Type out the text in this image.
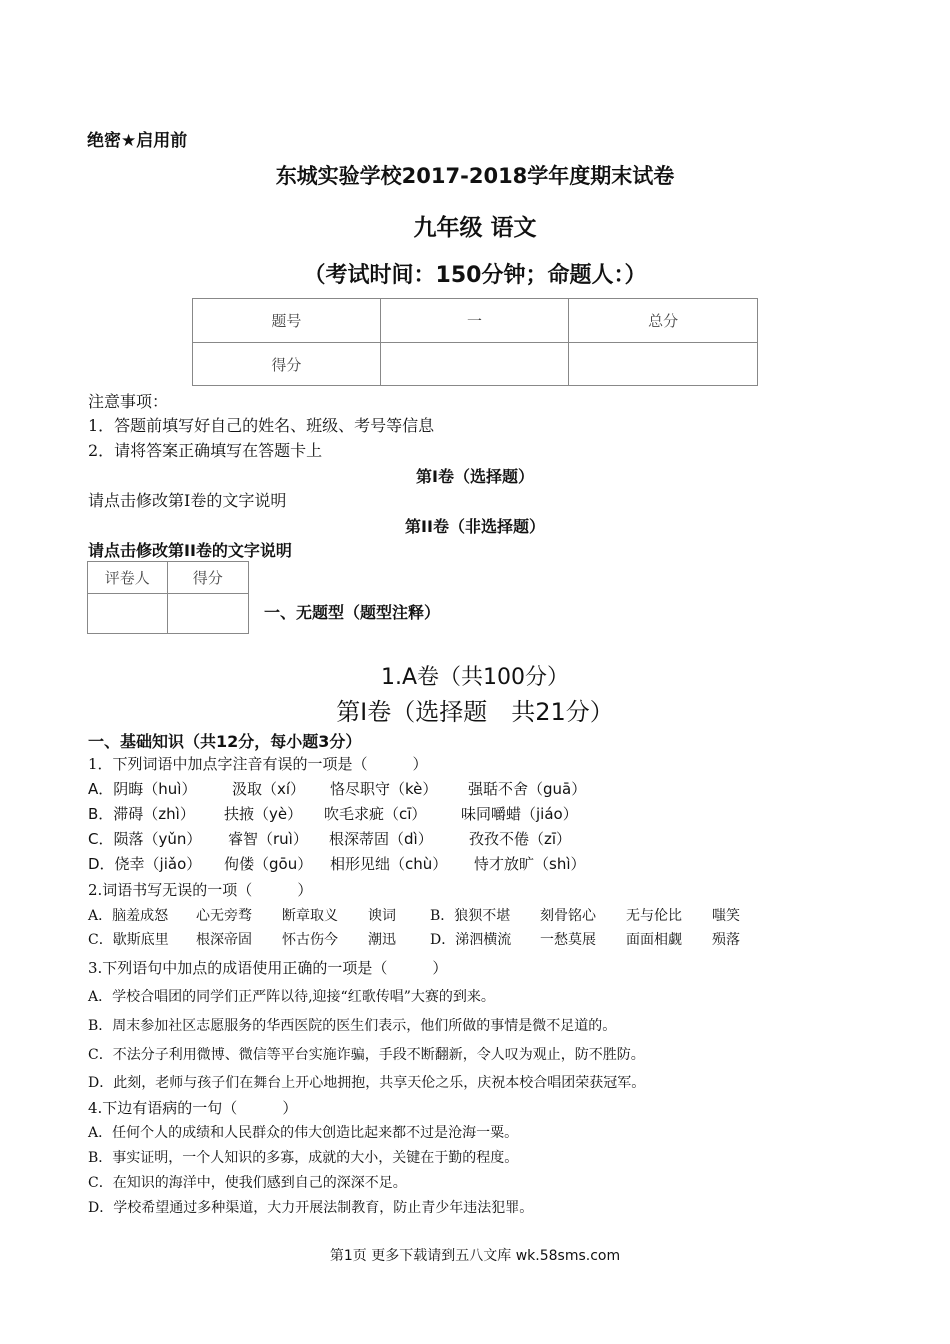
绝密★启用前
东城实验学校2017-2018学年度期末试卷
九年级 语文
（考试时间：150分钟；命题人：）
题号	一	总分
得分		
注意事项：
1．答题前填写好自己的姓名、班级、考号等信息
2．请将答案正确填写在答题卡上
第I卷（选择题）
请点击修改第I卷的文字说明
第II卷（非选择题）
请点击修改第II卷的文字说明
评卷人	得分

一、无题型（题型注释）
1.A卷（共100分）
第Ⅰ卷（选择题　共21分）
一、基础知识（共12分，每小题3分）
1．下列词语中加点字注音有误的一项是（　　　）
A．阴晦（huì） 汲取（xí） 恪尽职守（kè） 强聒不舍（guā）
B．滞碍（zhì） 扶掖（yè） 吹毛求疵（cī） 味同嚼蜡（jiáo）
C．陨落（yǔn） 睿智（ruì） 根深蒂固（dì） 孜孜不倦（zī）
D．侥幸（jiǎo） 佝偻（gōu） 相形见绌（chù） 恃才放旷（shì）
2.词语书写无误的一项（　　　）
A．脑羞成怒 心无旁骛 断章取义 谀词 B．狼狈不堪 刻骨铭心 无与伦比 嗤笑
C．歇斯底里 根深帝固 怀古伤今 潮迅 D．涕泗横流 一愁莫展 面面相觑 殒落
3.下列语句中加点的成语使用正确的一项是（　　　）
A．学校合唱团的同学们正严阵以待,迎接“红歌传唱”大赛的到来。
B．周末参加社区志愿服务的华西医院的医生们表示，他们所做的事情是微不足道的。
C．不法分子利用微博、微信等平台实施诈骗，手段不断翻新，令人叹为观止，防不胜防。
D．此刻，老师与孩子们在舞台上开心地拥抱，共享天伦之乐，庆祝本校合唱团荣获冠军。
4.下边有语病的一句（　　　）
A．任何个人的成绩和人民群众的伟大创造比起来都不过是沧海一粟。
B．事实证明，一个人知识的多寡，成就的大小，关键在于勤的程度。
C．在知识的海洋中，使我们感到自己的深深不足。
D．学校希望通过多种渠道，大力开展法制教育，防止青少年违法犯罪。
第1页 更多下载请到五八文库 wk.58sms.com
